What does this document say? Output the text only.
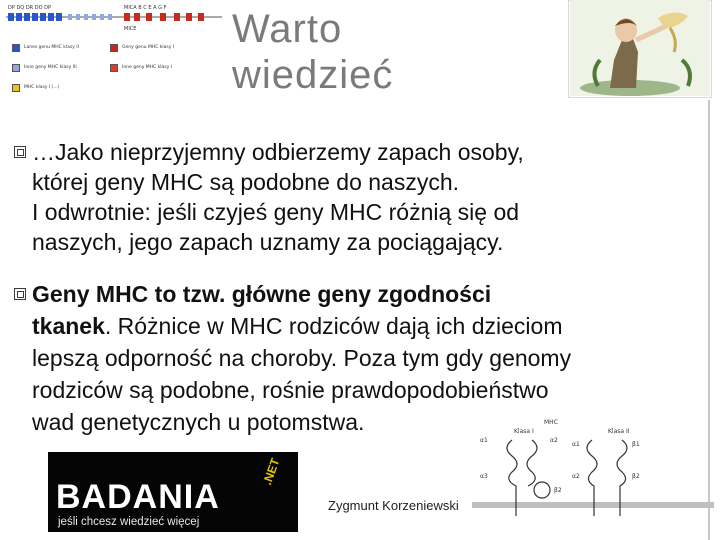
DP DQ DR DO DP	MICA B C E A G F
MICE
Lanes genu MHC klasy II	Geny genu MHC klasy I
Inne geny MHC klasy III	Inne geny MHC klasy I
MHC klasy I (...)
Warto
wiedzieć
…Jako nieprzyjemny odbierzemy zapach osoby,
której geny MHC są podobne do naszych.
I odwrotnie: jeśli czyjeś geny MHC różnią się od
naszych, jego zapach uznamy za pociągający.
Geny MHC to tzw. główne geny zgodności
tkanek. Różnice w MHC rodziców dają ich dzieciom
lepszą odporność na choroby. Poza tym gdy genomy
rodziców są podobne, rośnie prawdopodobieństwo
wad genetycznych u potomstwa.
BADANIA
.NET
jeśli chcesz wiedzieć więcej
Zygmunt Korzeniewski
MHC
Klasa I	Klasa II
α1	α2
α3
β2
α1	β1
α2	β2
